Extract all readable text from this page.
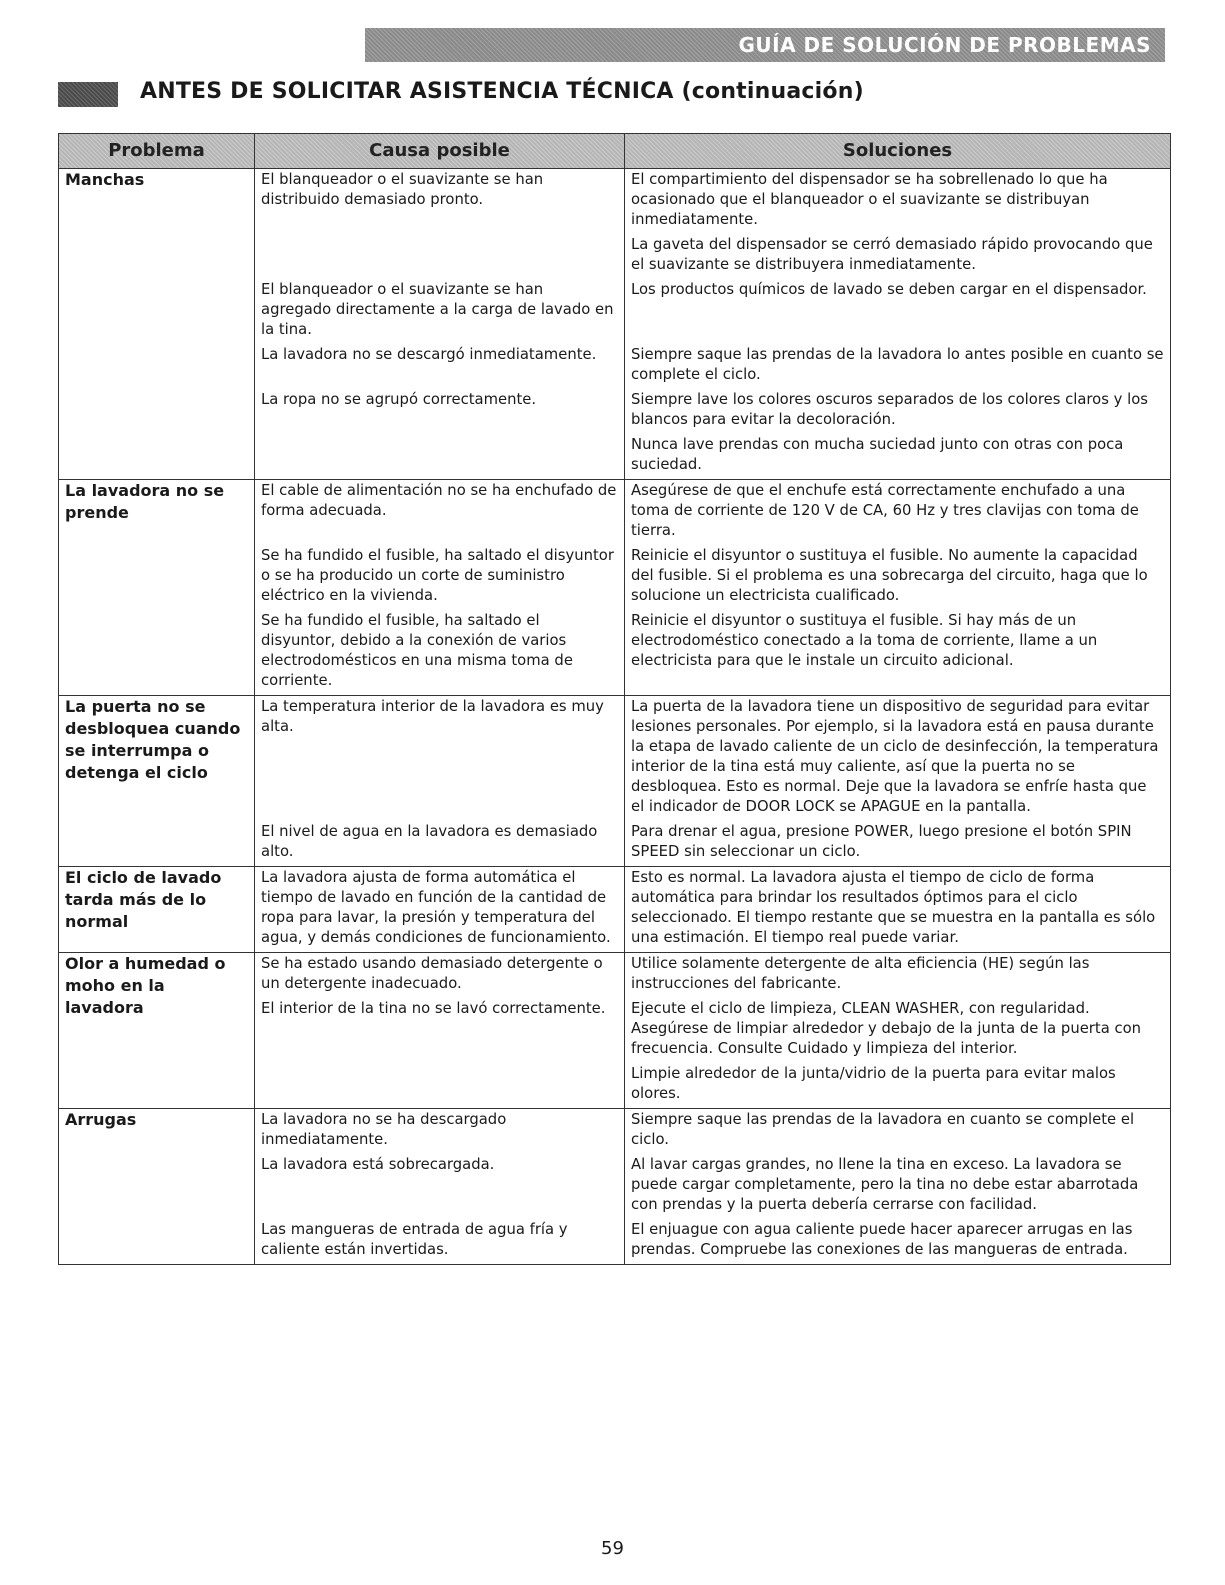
GUÍA DE SOLUCIÓN DE PROBLEMAS
ANTES DE SOLICITAR ASISTENCIA TÉCNICA (continuación)
Problema	Causa posible	Soluciones
Manchas	El blanqueador o el suavizante se han distribuido demasiado pronto.	El compartimiento del dispensador se ha sobrellenado lo que ha ocasionado que el blanqueador o el suavizante se distribuyan inmediatamente.
		La gaveta del dispensador se cerró demasiado rápido provocando que el suavizante se distribuyera inmediatamente.
	El blanqueador o el suavizante se han agregado directamente a la carga de lavado en la tina.	Los productos químicos de lavado se deben cargar en el dispensador.
	La lavadora no se descargó inmediatamente.	Siempre saque las prendas de la lavadora lo antes posible en cuanto se complete el ciclo.
	La ropa no se agrupó correctamente.	Siempre lave los colores oscuros separados de los colores claros y los blancos para evitar la decoloración.
		Nunca lave prendas con mucha suciedad junto con otras con poca suciedad.
La lavadora no se prende	El cable de alimentación no se ha enchufado de forma adecuada.	Asegúrese de que el enchufe está correctamente enchufado a una toma de corriente de 120 V de CA, 60 Hz y tres clavijas con toma de tierra.
	Se ha fundido el fusible, ha saltado el disyuntor o se ha producido un corte de suministro eléctrico en la vivienda.	Reinicie el disyuntor o sustituya el fusible. No aumente la capacidad del fusible. Si el problema es una sobrecarga del circuito, haga que lo solucione un electricista cualificado.
	Se ha fundido el fusible, ha saltado el disyuntor, debido a la conexión de varios electrodomésticos en una misma toma de corriente.	Reinicie el disyuntor o sustituya el fusible. Si hay más de un electrodoméstico conectado a la toma de corriente, llame a un electricista para que le instale un circuito adicional.
La puerta no se desbloquea cuando se interrumpa o detenga el ciclo	La temperatura interior de la lavadora es muy alta.	La puerta de la lavadora tiene un dispositivo de seguridad para evitar lesiones personales. Por ejemplo, si la lavadora está en pausa durante la etapa de lavado caliente de un ciclo de desinfección, la temperatura interior de la tina está muy caliente, así que la puerta no se desbloquea. Esto es normal. Deje que la lavadora se enfríe hasta que el indicador de DOOR LOCK se APAGUE en la pantalla.
	El nivel de agua en la lavadora es demasiado alto.	Para drenar el agua, presione POWER, luego presione el botón SPIN SPEED sin seleccionar un ciclo.
El ciclo de lavado tarda más de lo normal	La lavadora ajusta de forma automática el tiempo de lavado en función de la cantidad de ropa para lavar, la presión y temperatura del agua, y demás condiciones de funcionamiento.	Esto es normal. La lavadora ajusta el tiempo de ciclo de forma automática para brindar los resultados óptimos para el ciclo seleccionado. El tiempo restante que se muestra en la pantalla es sólo una estimación. El tiempo real puede variar.
Olor a humedad o moho en la lavadora	Se ha estado usando demasiado detergente o un detergente inadecuado.	Utilice solamente detergente de alta eficiencia (HE) según las instrucciones del fabricante.
	El interior de la tina no se lavó correctamente.	Ejecute el ciclo de limpieza, CLEAN WASHER, con regularidad. Asegúrese de limpiar alrededor y debajo de la junta de la puerta con frecuencia. Consulte Cuidado y limpieza del interior.
		Limpie alrededor de la junta/vidrio de la puerta para evitar malos olores.
Arrugas	La lavadora no se ha descargado inmediatamente.	Siempre saque las prendas de la lavadora en cuanto se complete el ciclo.
	La lavadora está sobrecargada.	Al lavar cargas grandes, no llene la tina en exceso. La lavadora se puede cargar completamente, pero la tina no debe estar abarrotada con prendas y la puerta debería cerrarse con facilidad.
	Las mangueras de entrada de agua fría y caliente están invertidas.	El enjuague con agua caliente puede hacer aparecer arrugas en las prendas. Compruebe las conexiones de las mangueras de entrada.
59
